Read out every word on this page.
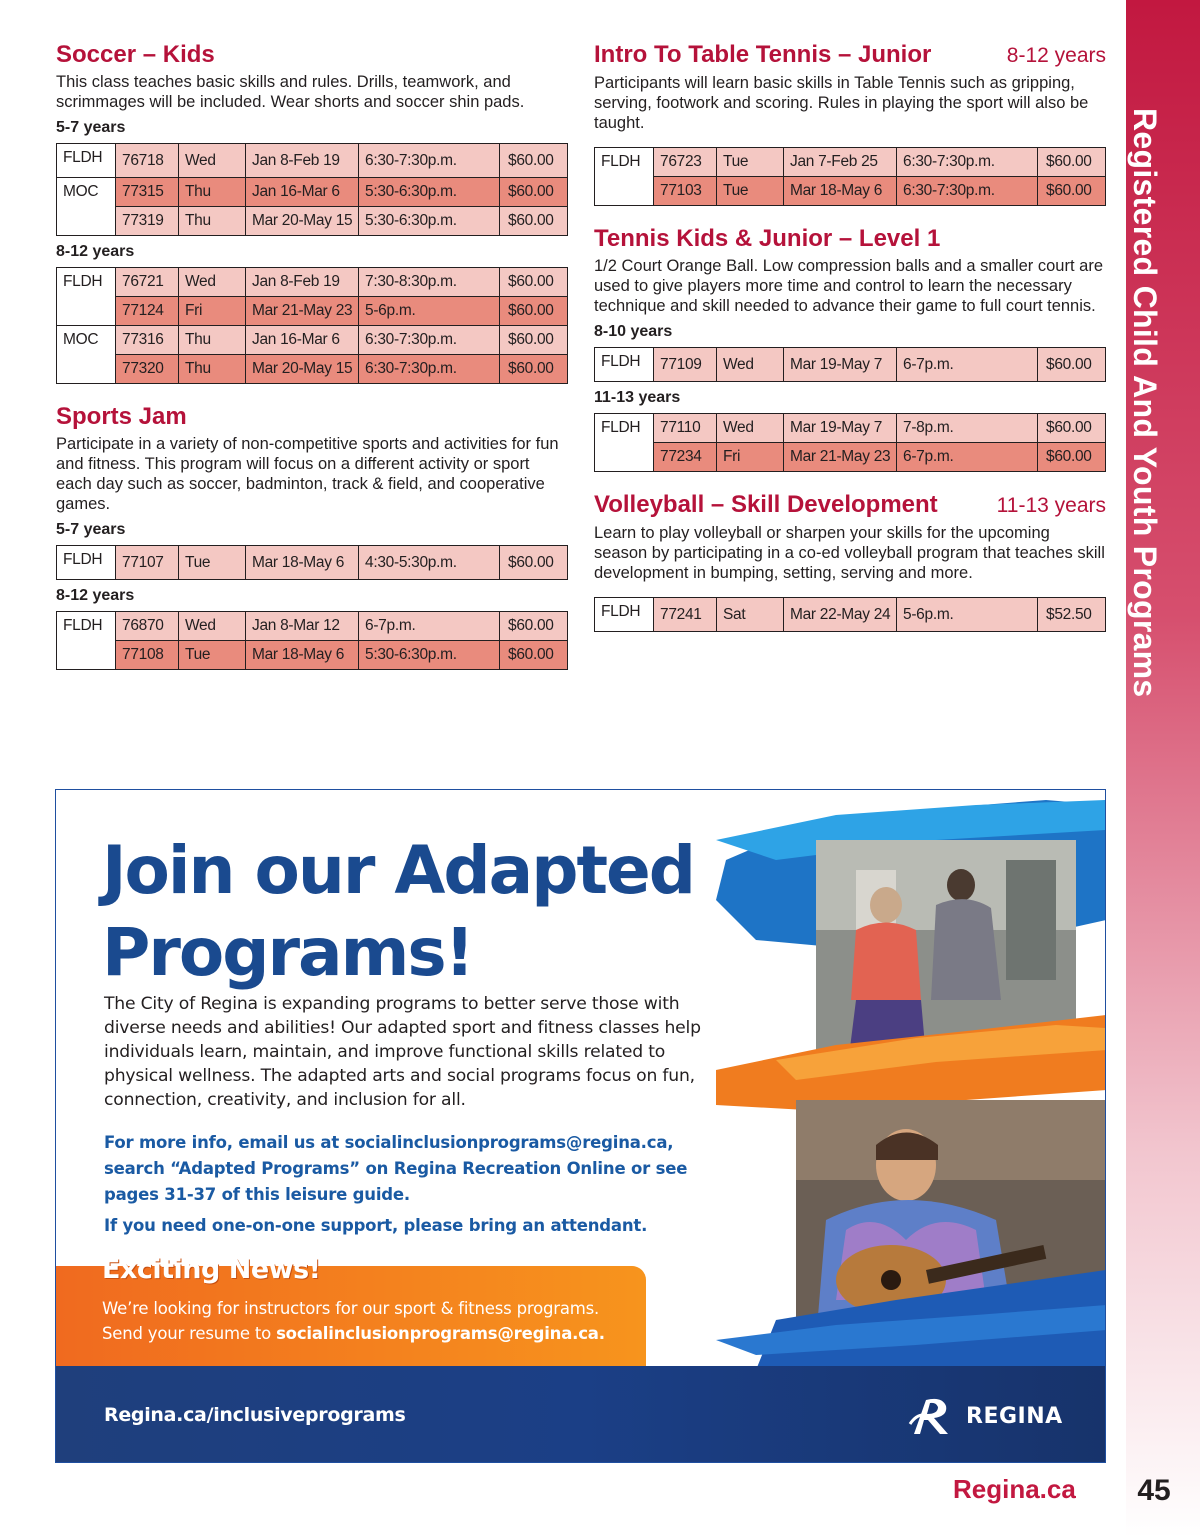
Registered Child And Youth Programs
Soccer – Kids

This class teaches basic skills and rules. Drills, teamwork, and scrimmages will be included. Wear shorts and soccer shin pads.

5-7 years
FLDH	76718	Wed	Jan 8-Feb 19	6:30-7:30p.m.	$60.00
MOC	77315	Thu	Jan 16-Mar 6	5:30-6:30p.m.	$60.00
	77319	Thu	Mar 20-May 15	5:30-6:30p.m.	$60.00
8-12 years
FLDH	76721	Wed	Jan 8-Feb 19	7:30-8:30p.m.	$60.00
	77124	Fri	Mar 21-May 23	5-6p.m.	$60.00
MOC	77316	Thu	Jan 16-Mar 6	6:30-7:30p.m.	$60.00
	77320	Thu	Mar 20-May 15	6:30-7:30p.m.	$60.00
Sports Jam

Participate in a variety of non-competitive sports and activities for fun and fitness. This program will focus on a different activity or sport each day such as soccer, badminton, track & field, and cooperative games.

5-7 years
FLDH	77107	Tue	Mar 18-May 6	4:30-5:30p.m.	$60.00
8-12 years
FLDH	76870	Wed	Jan 8-Mar 12	6-7p.m.	$60.00
	77108	Tue	Mar 18-May 6	5:30-6:30p.m.	$60.00
Intro To Table Tennis – Junior	8-12 years

Participants will learn basic skills in Table Tennis such as gripping, serving, footwork and scoring. Rules in playing the sport will also be taught.

FLDH	76723	Tue	Jan 7-Feb 25	6:30-7:30p.m.	$60.00
	77103	Tue	Mar 18-May 6	6:30-7:30p.m.	$60.00
Tennis Kids & Junior – Level 1

1/2 Court Orange Ball. Low compression balls and a smaller court are used to give players more time and control to learn the necessary technique and skill needed to advance their game to full court tennis.

8-10 years
FLDH	77109	Wed	Mar 19-May 7	6-7p.m.	$60.00
11-13 years
FLDH	77110	Wed	Mar 19-May 7	7-8p.m.	$60.00
	77234	Fri	Mar 21-May 23	6-7p.m.	$60.00
Volleyball – Skill Development	11-13 years

Learn to play volleyball or sharpen your skills for the upcoming season by participating in a co-ed volleyball program that teaches skill development in bumping, setting, serving and more.

FLDH	77241	Sat	Mar 22-May 24	5-6p.m.	$52.50
Join our Adapted
Programs!
The City of Regina is expanding programs to better serve those with diverse needs and abilities! Our adapted sport and fitness classes help individuals learn, maintain, and improve functional skills related to physical wellness. The adapted arts and social programs focus on fun, connection, creativity, and inclusion for all.
For more info, email us at socialinclusionprograms@regina.ca, search “Adapted Programs” on Regina Recreation Online or see pages 31-37 of this leisure guide.
If you need one-on-one support, please bring an attendant.
Exciting News!
We’re looking for instructors for our sport & fitness programs.
Send your resume to socialinclusionprograms@regina.ca.
Regina.ca/inclusiveprograms	REGINA
Regina.ca 45
